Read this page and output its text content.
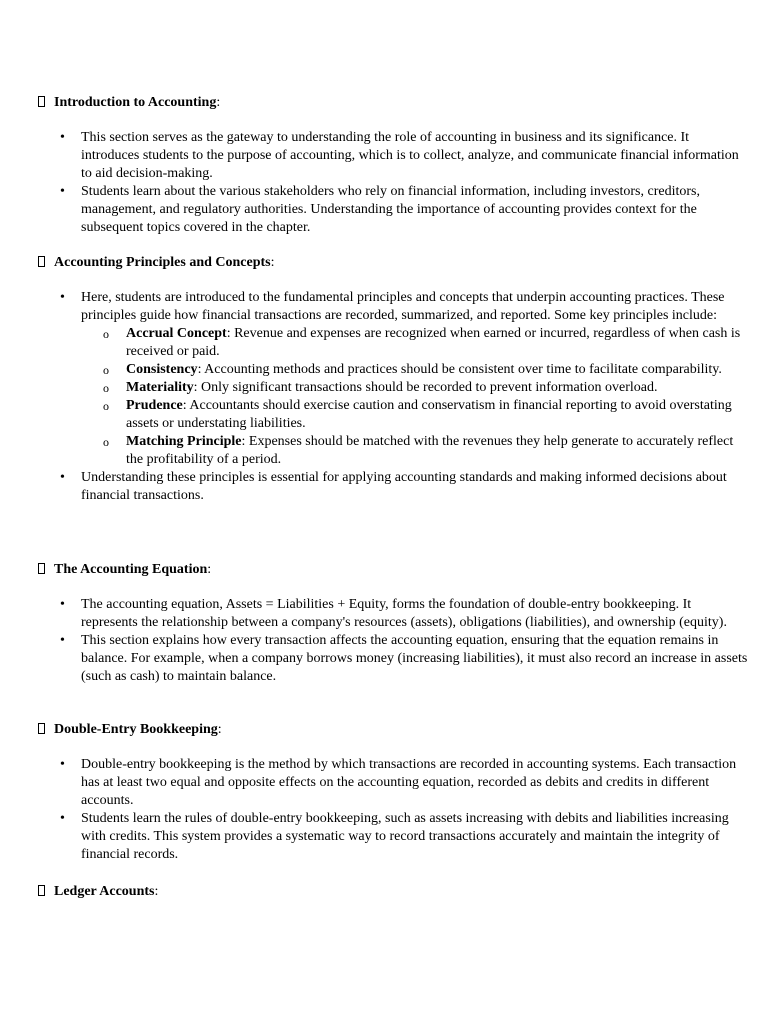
Introduction to Accounting:
• This section serves as the gateway to understanding the role of accounting in business and its significance. It introduces students to the purpose of accounting, which is to collect, analyze, and communicate financial information to aid decision-making.
• Students learn about the various stakeholders who rely on financial information, including investors, creditors, management, and regulatory authorities. Understanding the importance of accounting provides context for the subsequent topics covered in the chapter.
Accounting Principles and Concepts:
• Here, students are introduced to the fundamental principles and concepts that underpin accounting practices. These principles guide how financial transactions are recorded, summarized, and reported. Some key principles include:
o Accrual Concept: Revenue and expenses are recognized when earned or incurred, regardless of when cash is received or paid.
o Consistency: Accounting methods and practices should be consistent over time to facilitate comparability.
o Materiality: Only significant transactions should be recorded to prevent information overload.
o Prudence: Accountants should exercise caution and conservatism in financial reporting to avoid overstating assets or understating liabilities.
o Matching Principle: Expenses should be matched with the revenues they help generate to accurately reflect the profitability of a period.
• Understanding these principles is essential for applying accounting standards and making informed decisions about financial transactions.
The Accounting Equation:
• The accounting equation, Assets = Liabilities + Equity, forms the foundation of double-entry bookkeeping. It represents the relationship between a company's resources (assets), obligations (liabilities), and ownership (equity).
• This section explains how every transaction affects the accounting equation, ensuring that the equation remains in balance. For example, when a company borrows money (increasing liabilities), it must also record an increase in assets (such as cash) to maintain balance.
Double-Entry Bookkeeping:
• Double-entry bookkeeping is the method by which transactions are recorded in accounting systems. Each transaction has at least two equal and opposite effects on the accounting equation, recorded as debits and credits in different accounts.
• Students learn the rules of double-entry bookkeeping, such as assets increasing with debits and liabilities increasing with credits. This system provides a systematic way to record transactions accurately and maintain the integrity of financial records.
Ledger Accounts:
